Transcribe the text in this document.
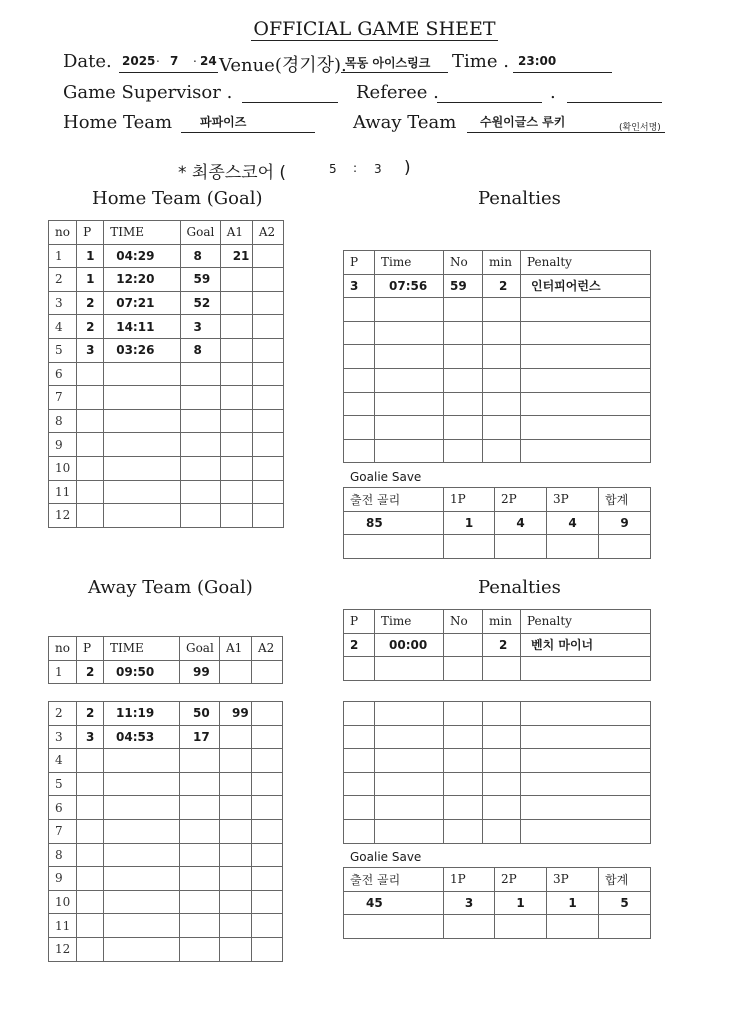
OFFICIAL GAME SHEET
Date. 2025 . 7 . 24 Venue(경기장).
목동 아이스링크 Time . 23:00
Game Supervisor .	Referee .	.
Home Team 파파이즈	Away Team 수원이글스 루키	(확인서명)
* 최종스코어 (	5 : 3 )
Home Team (Goal)	Penalties
Goalie Save
Away Team (Goal)	Penalties
Goalie Save
no	P	TIME	Goal	A1	A2
1	1	04:29	8	21	
2	1	12:20	59		
3	2	07:21	52		
4	2	14:11	3		
5	3	03:26	8		
6					
7					
8					
9					
10					
11					
12					
P	Time	No	min	Penalty
3	07:56	59	2	인터피어런스

출전 골리	1P	2P	3P	합계
85	1	4	4	9

no	P	TIME	Goal	A1	A2
1	2	09:50	99		
2	2	11:19	50	99	
3	3	04:53	17		
4					
5					
6					
7					
8					
9					
10					
11					
12					
P	Time	No	min	Penalty
2	00:00		2	벤치 마이너

출전 골리	1P	2P	3P	합계
45	3	1	1	5
